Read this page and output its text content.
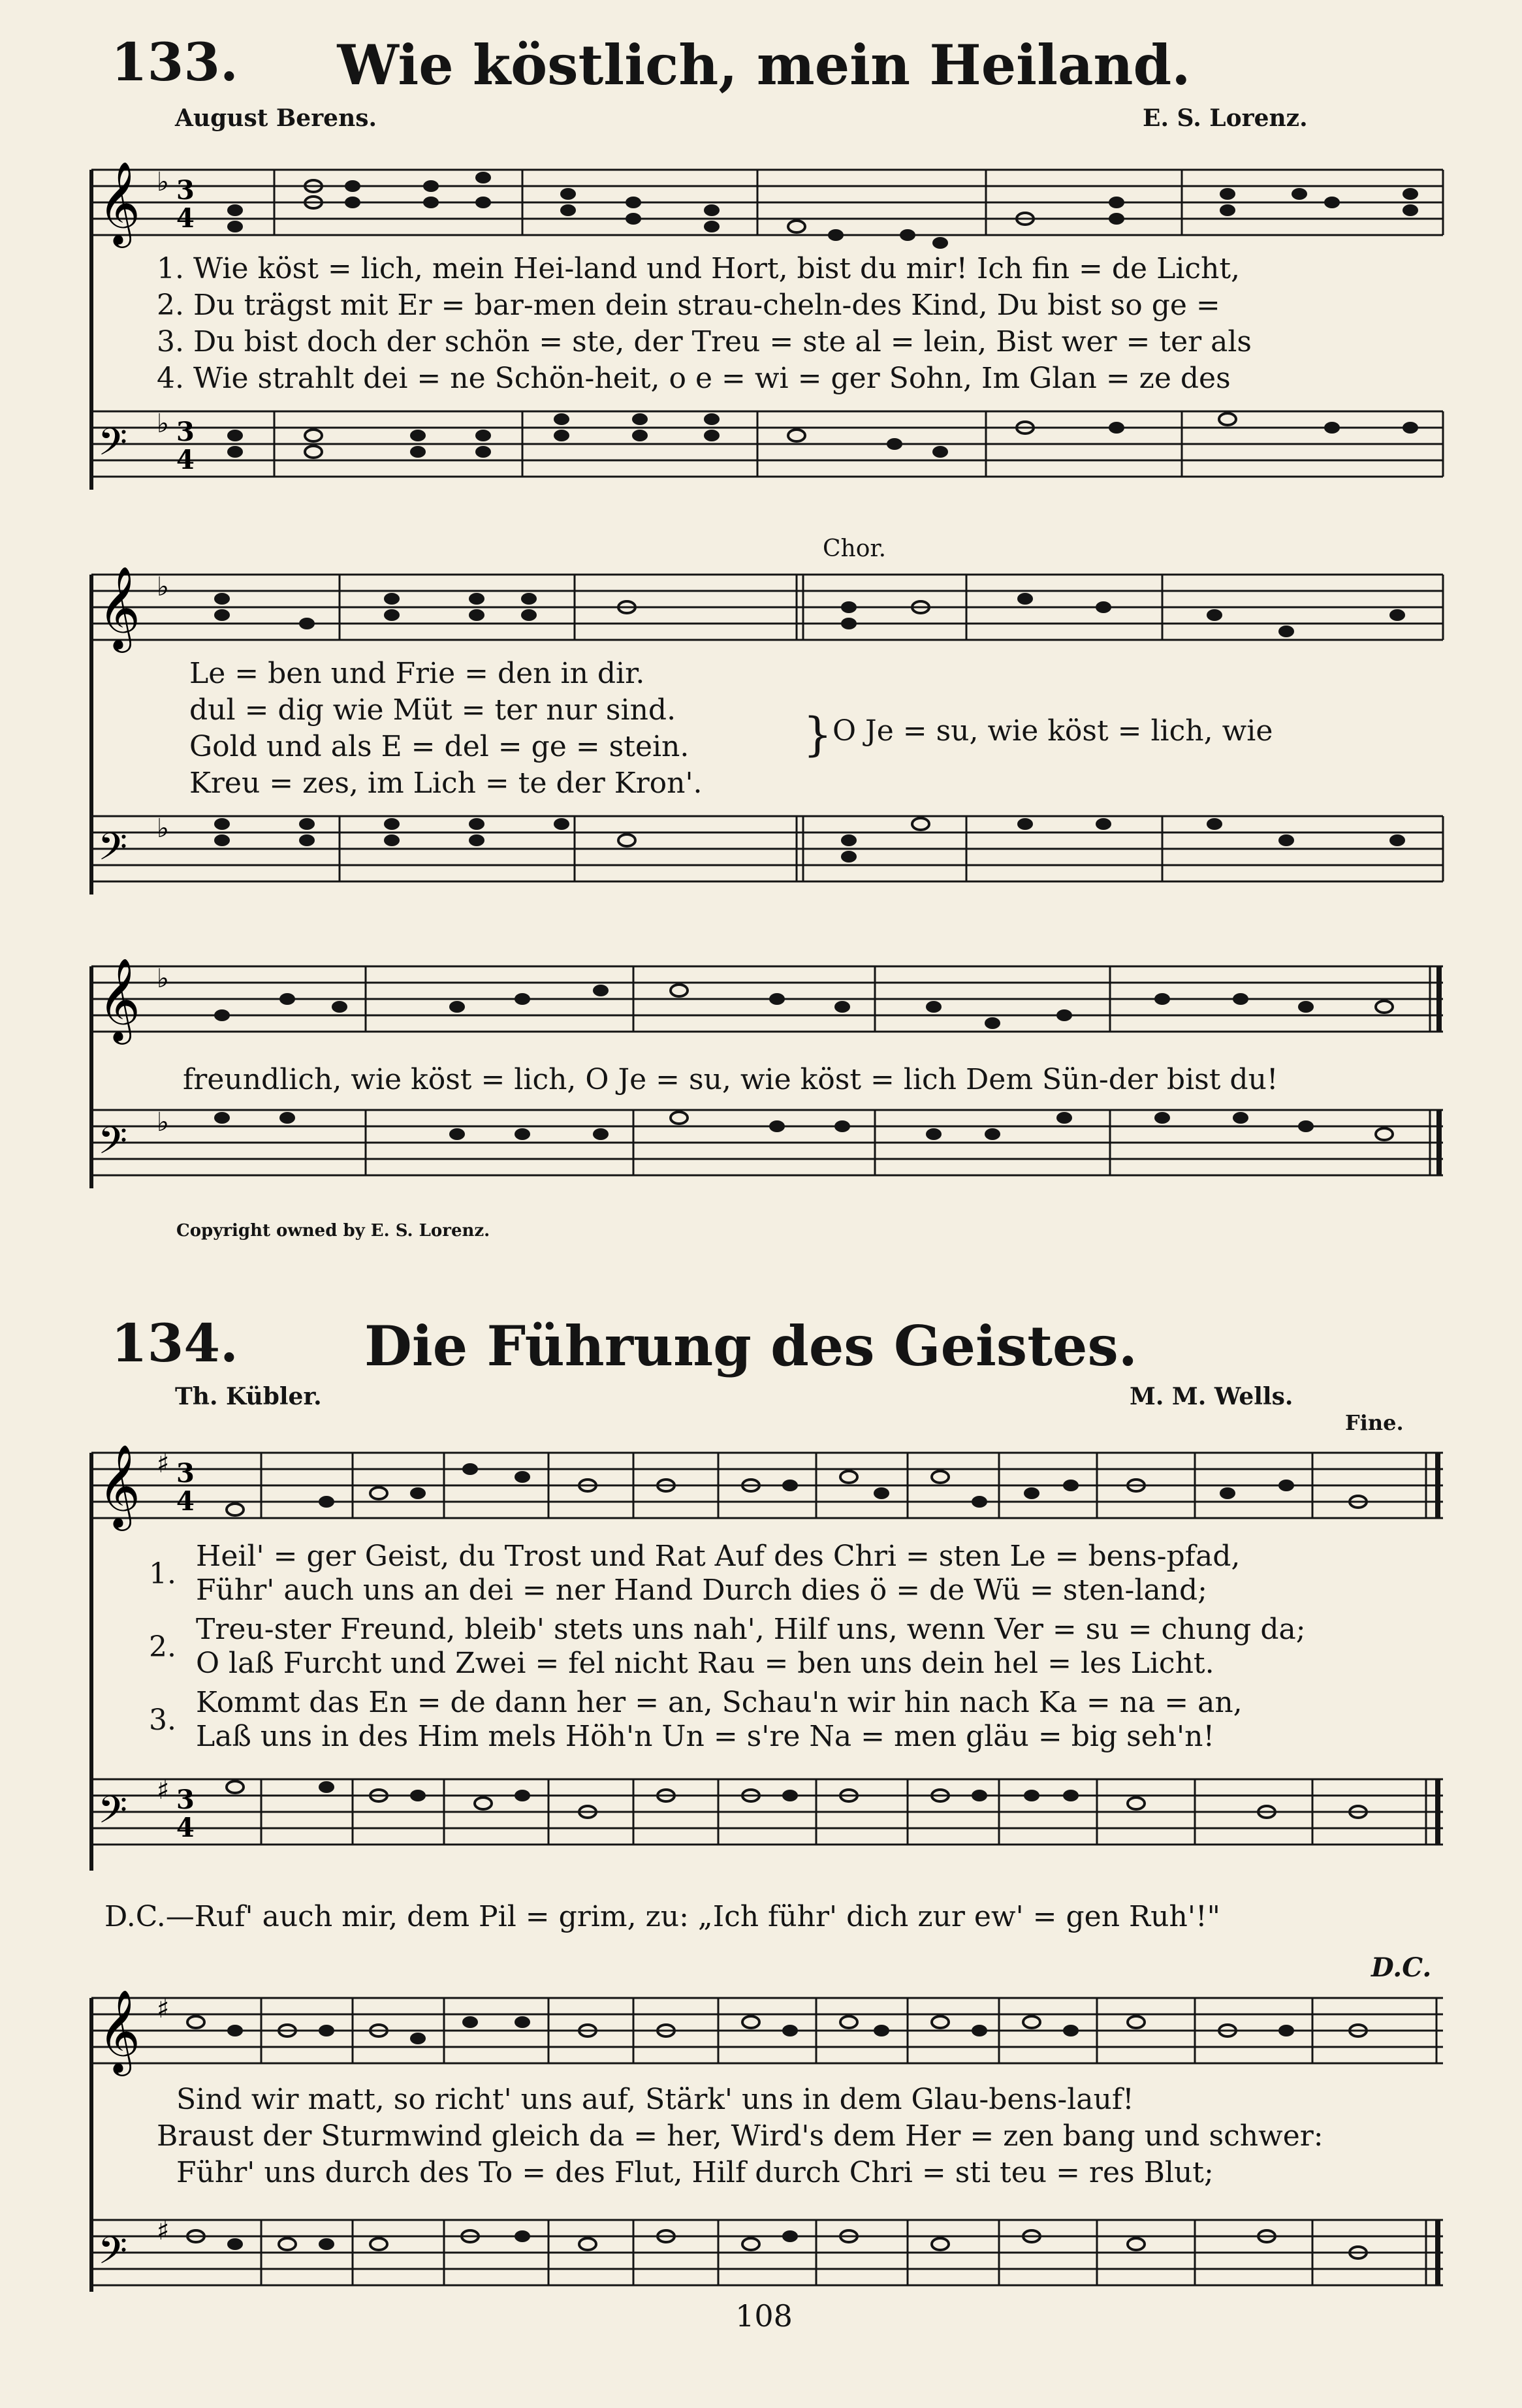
133.	Wie köstlich, mein Heiland.
August Berens.	E. S. Lorenz.
𝄞 ♭ 3
4
𝄢 ♭ 3
4
1. Wie köst = lich, mein Hei-land und Hort, bist du mir! Ich fin = de Licht,
2. Du trägst mit Er = bar-men dein strau-cheln-des Kind, Du bist so ge =
3. Du bist doch der schön = ste, der Treu = ste al = lein, Bist wer = ter als
4. Wie strahlt dei = ne Schön-heit, o e = wi = ger Sohn, Im Glan = ze des
Chor.
𝄞 ♭
𝄢 ♭
Le = ben und Frie = den in dir.
dul = dig wie Müt = ter nur sind.
Gold und als E = del = ge = stein.
Kreu = zes, im Lich = te der Kron'.
} O Je = su, wie köst = lich, wie
𝄞 ♭
𝄢 ♭
freundlich, wie köst = lich, O Je = su, wie köst = lich Dem Sün-der bist du!
Copyright owned by E. S. Lorenz.
134.	Die Führung des Geistes.
Th. Kübler.	M. M. Wells.
Fine.
𝄞 ♯ 3
4
𝄢 ♯ 3
4
1.
2.
3.
Heil' = ger Geist, du Trost und Rat Auf des Chri = sten Le = bens-pfad,
Führ' auch uns an dei = ner Hand Durch dies ö = de Wü = sten-land;
Treu-ster Freund, bleib' stets uns nah', Hilf uns, wenn Ver = su = chung da;
O laß Furcht und Zwei = fel nicht Rau = ben uns dein hel = les Licht.
Kommt das En = de dann her = an, Schau'n wir hin nach Ka = na = an,
Laß uns in des Him mels Höh'n Un = s're Na = men gläu = big seh'n!
D.C.—Ruf' auch mir, dem Pil = grim, zu: „Ich führ' dich zur ew' = gen Ruh'!"
D.C.
𝄞 ♯
𝄢 ♯
Sind wir matt, so richt' uns auf, Stärk' uns in dem Glau-bens-lauf!
Braust der Sturmwind gleich da = her, Wird's dem Her = zen bang und schwer:
Führ' uns durch des To = des Flut, Hilf durch Chri = sti teu = res Blut;
108
